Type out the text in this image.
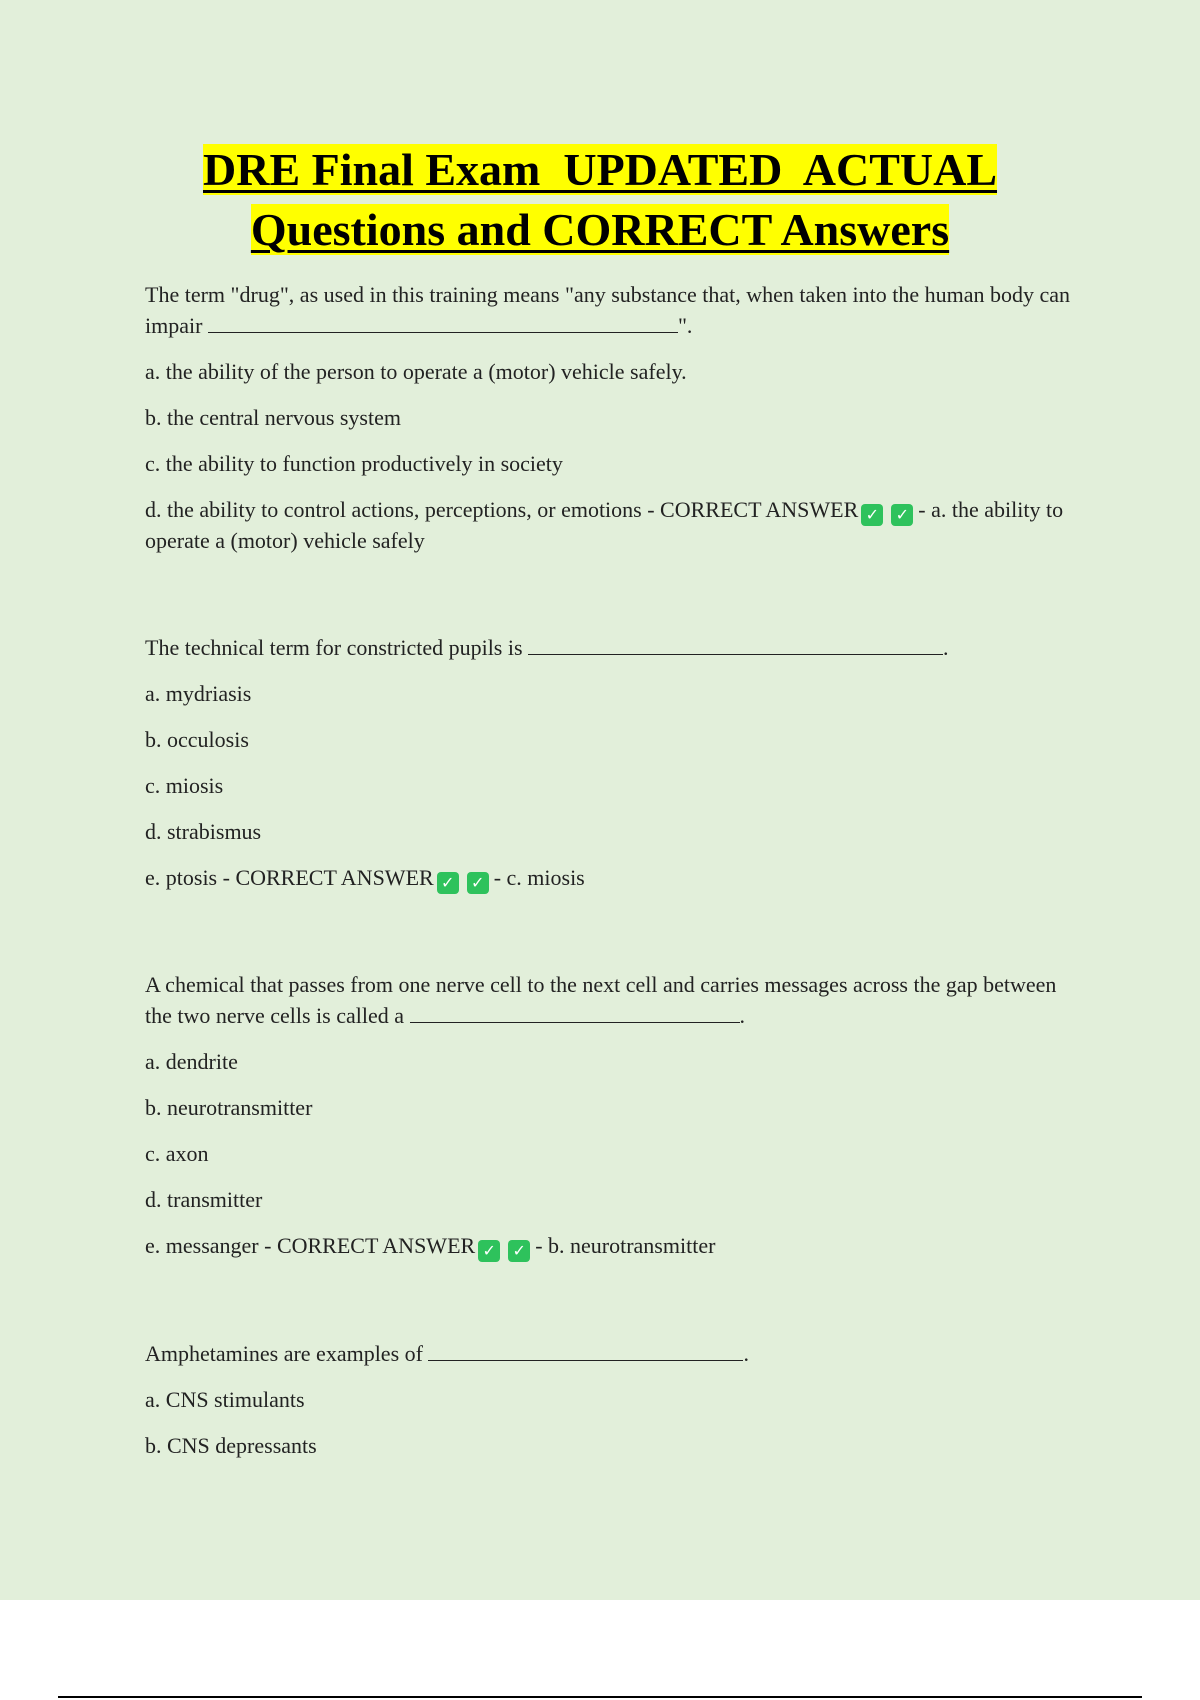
DRE Final Exam  UPDATED  ACTUAL
Questions and CORRECT Answers

The term "drug", as used in this training means "any substance that, when taken into the human body can impair	".

a. the ability of the person to operate a (motor) vehicle safely.

b. the central nervous system

c. the ability to function productively in society

d. the ability to control actions, perceptions, or emotions - CORRECT ANSWER ✓ ✓ - a. the ability to operate a (motor) vehicle safely

The technical term for constricted pupils is	.

a. mydriasis

b. occulosis

c. miosis

d. strabismus

e. ptosis - CORRECT ANSWER ✓ ✓ - c. miosis

A chemical that passes from one nerve cell to the next cell and carries messages across the gap between the two nerve cells is called a	.

a. dendrite

b. neurotransmitter

c. axon

d. transmitter

e. messanger - CORRECT ANSWER ✓ ✓ - b. neurotransmitter

Amphetamines are examples of	.

a. CNS stimulants

b. CNS depressants
